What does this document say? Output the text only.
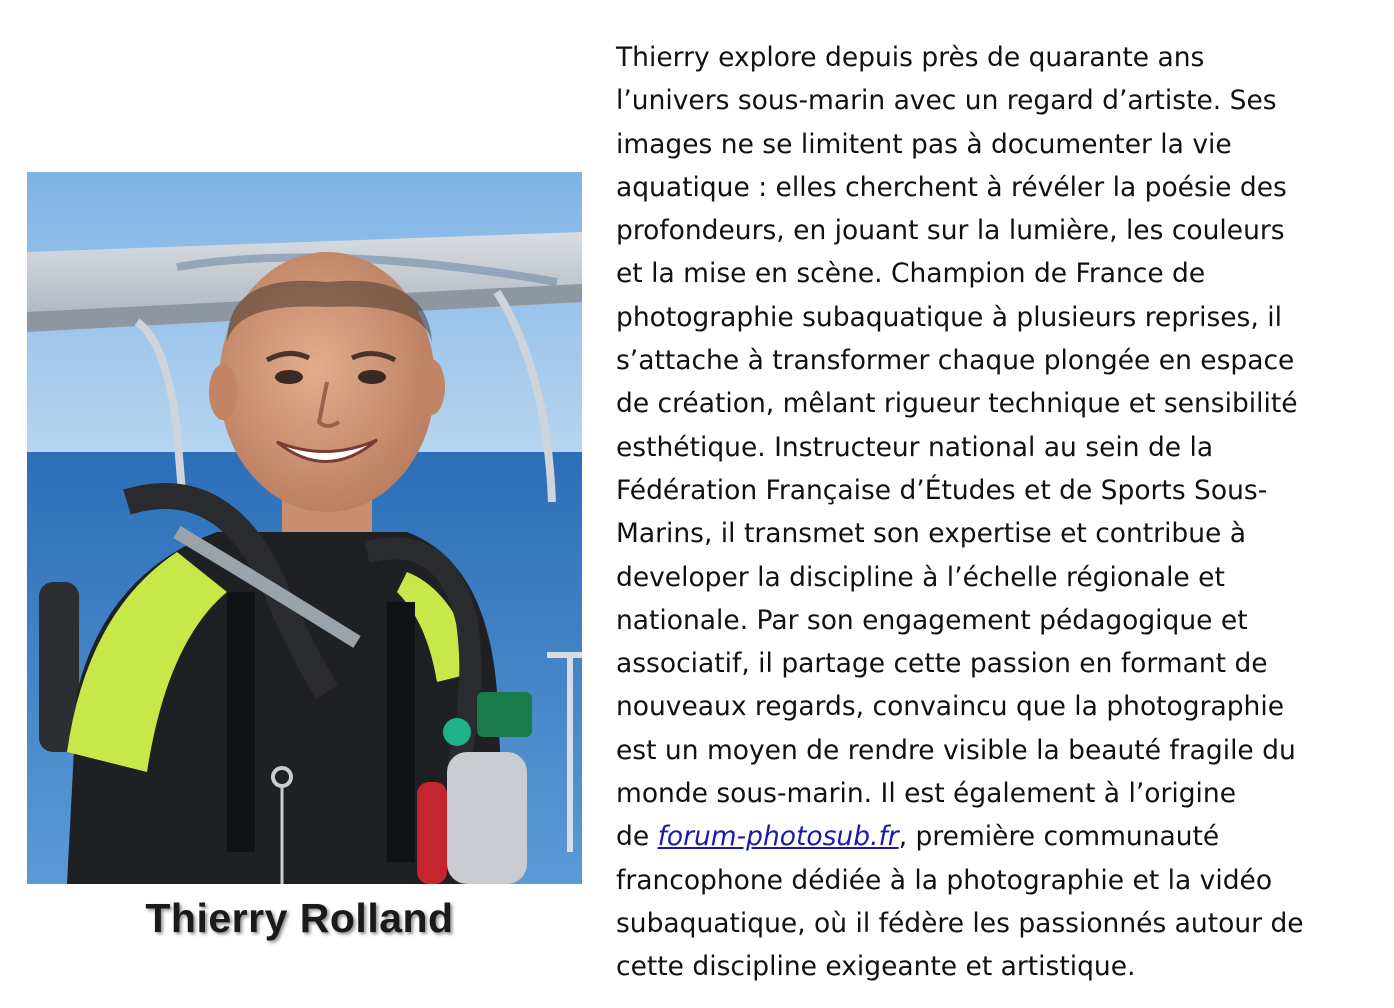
Thierry Rolland

Thierry explore depuis près de quarante ans
l’univers sous-marin avec un regard d’artiste. Ses
images ne se limitent pas à documenter la vie
aquatique : elles cherchent à révéler la poésie des
profondeurs, en jouant sur la lumière, les couleurs
et la mise en scène. Champion de France de
photographie subaquatique à plusieurs reprises, il
s’attache à transformer chaque plongée en espace
de création, mêlant rigueur technique et sensibilité
esthétique. Instructeur national au sein de la
Fédération Française d’Études et de Sports Sous-
Marins, il transmet son expertise et contribue à
developer la discipline à l’échelle régionale et
nationale. Par son engagement pédagogique et
associatif, il partage cette passion en formant de
nouveaux regards, convaincu que la photographie
est un moyen de rendre visible la beauté fragile du
monde sous-marin. Il est également à l’origine
de forum-photosub.fr, première communauté
francophone dédiée à la photographie et la vidéo
subaquatique, où il fédère les passionnés autour de
cette discipline exigeante et artistique.
